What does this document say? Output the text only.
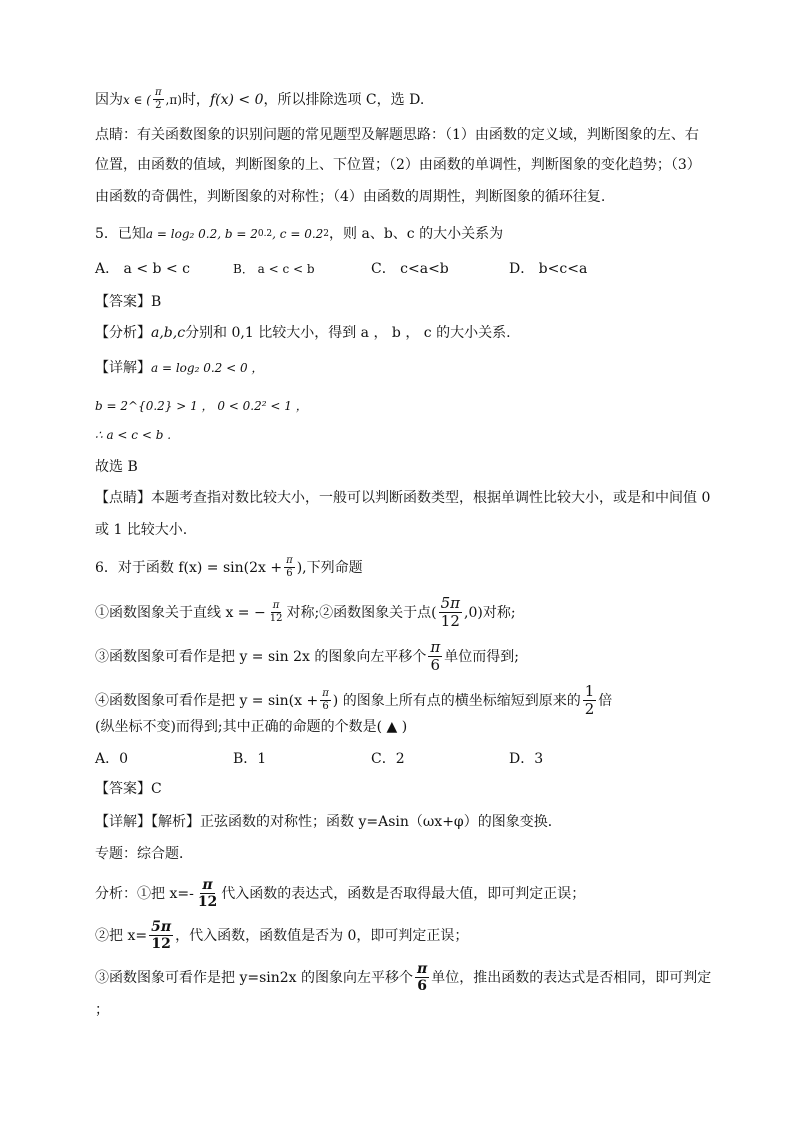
因为 x ∈ ( $\frac{\pi}{2} ,\pi$) 时， f(x) < 0 ，所以排除选项 C，选 D.
点睛：有关函数图象的识别问题的常见题型及解题思路：（1）由函数的定义域，判断图象的左、右
位置，由函数的值域，判断图象的上、下位置；（2）由函数的单调性，判断图象的变化趋势；（3）
由函数的奇偶性，判断图象的对称性；（4）由函数的周期性，判断图象的循环往复.
5．已知 a = log₂ 0.2, b = 2 0.2 , c = 0.2 2 ，则 a、b、c 的大小关系为
A． a < b < c	B． a < c < b	C． c<a<b	D． b<c<a
【答案】B
【分析】 a,b,c 分别和 0,1 比较大小，得到 a ， b ， c 的大小关系.
【详解】 a = log₂ 0.2 < 0 ，
b = 2^{0.2} > 1 ， 0 < 0.2² < 1 ，
∴ a < c < b .
故选 B
【点睛】本题考查指对数比较大小，一般可以判断函数类型，根据单调性比较大小，或是和中间值 0
或 1 比较大小.
6．对于函数 $f(x) = \sin(2x + \frac{\pi}{6}$ ),下列命题
①函数图象关于直线 x = − $\frac{\pi}{12}$ 对称;②函数图象关于点( $\frac{5\pi}{12} ,0$)对称;
③函数图象可看作是把 y = sin 2x 的图象向左平移个 $\frac{\pi}{6}$ 单位而得到;
④函数图象可看作是把 $y = \sin(x + \frac{\pi}{6}$ ) 的图象上所有点的横坐标缩短到原来的 $\frac{1}{2}$ 倍
(纵坐标不变)而得到;其中正确的命题的个数是( ▲ )
A．0	B．1	C．2	D．3
【答案】C
【详解】【解析】正弦函数的对称性；函数 y=Asin（ωx+φ）的图象变换．
专题：综合题．
分析：①把 $x=- \frac{\pi}{12}$ 代入函数的表达式，函数是否取得最大值，即可判定正误；
②把 $x= \frac{5\pi}{12}$ ，代入函数，函数值是否为 0，即可判定正误；
③函数图象可看作是把 y=sin2x 的图象向左平移个 $\frac{\pi}{6}$ 单位，推出函数的表达式是否相同，即可判定
；
